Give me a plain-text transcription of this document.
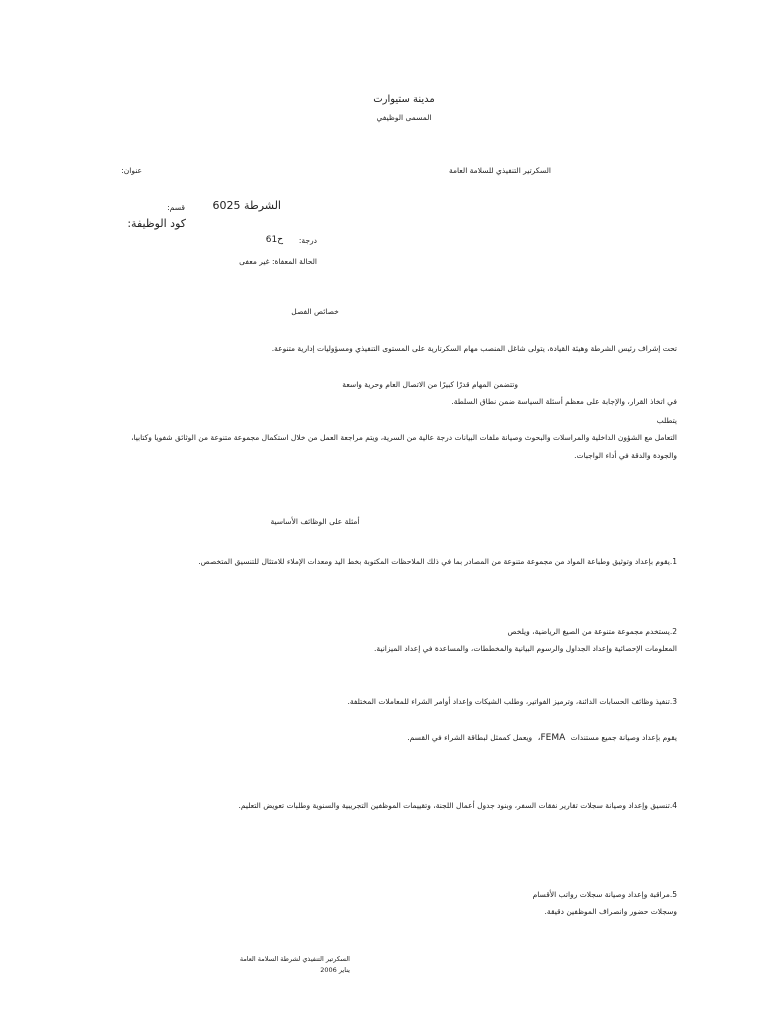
مدينة ستيوارت
المسمى الوظيفي
السكرتير التنفيذي للسلامة العامة
عنوان:
الشرطة 6025
قسم:
كود الوظيفة:
درجة:
ح61
الحالة المعفاة: غير معفى
خصائص الفصل
تحت إشراف رئيس الشرطة وهيئة القيادة، يتولى شاغل المنصب مهام السكرتارية على المستوى التنفيذي ومسؤوليات إدارية متنوعة.
وتتضمن المهام قدرًا كبيرًا من الاتصال العام وحرية واسعة
في اتخاذ القرار، والإجابة على معظم أسئلة السياسة ضمن نطاق السلطة.
يتطلب
التعامل مع الشؤون الداخلية والمراسلات والبحوث وصيانة ملفات البيانات درجة عالية من السرية، ويتم مراجعة العمل من خلال استكمال مجموعة متنوعة من الوثائق شفويا وكتابيا،
والجودة والدقة في أداء الواجبات.
أمثلة على الوظائف الأساسية
1.يقوم بإعداد وتوثيق وطباعة المواد من مجموعة متنوعة من المصادر بما في ذلك الملاحظات المكتوبة بخط اليد ومعدات الإملاء للامتثال للتنسيق المتخصص.
2.يستخدم مجموعة متنوعة من الصيغ الرياضية، ويلخص
المعلومات الإحصائية وإعداد الجداول والرسوم البيانية والمخططات، والمساعدة في إعداد الميزانية.
3.تنفيذ وظائف الحسابات الدائنة، وترميز الفواتير، وطلب الشيكات وإعداد أوامر الشراء للمعاملات المختلفة.
يقوم بإعداد وصيانة جميع مستندات FEMA، ويعمل كممثل لبطاقة الشراء في القسم.
4.تنسيق وإعداد وصيانة سجلات تقارير نفقات السفر، وبنود جدول أعمال اللجنة، وتقييمات الموظفين التجريبية والسنوية وطلبات تعويض التعليم.
5.مراقبة وإعداد وصيانة سجلات رواتب الأقسام
وسجلات حضور وانصراف الموظفين دقيقة.
السكرتير التنفيذي لشرطة السلامة العامة
يناير 2006
